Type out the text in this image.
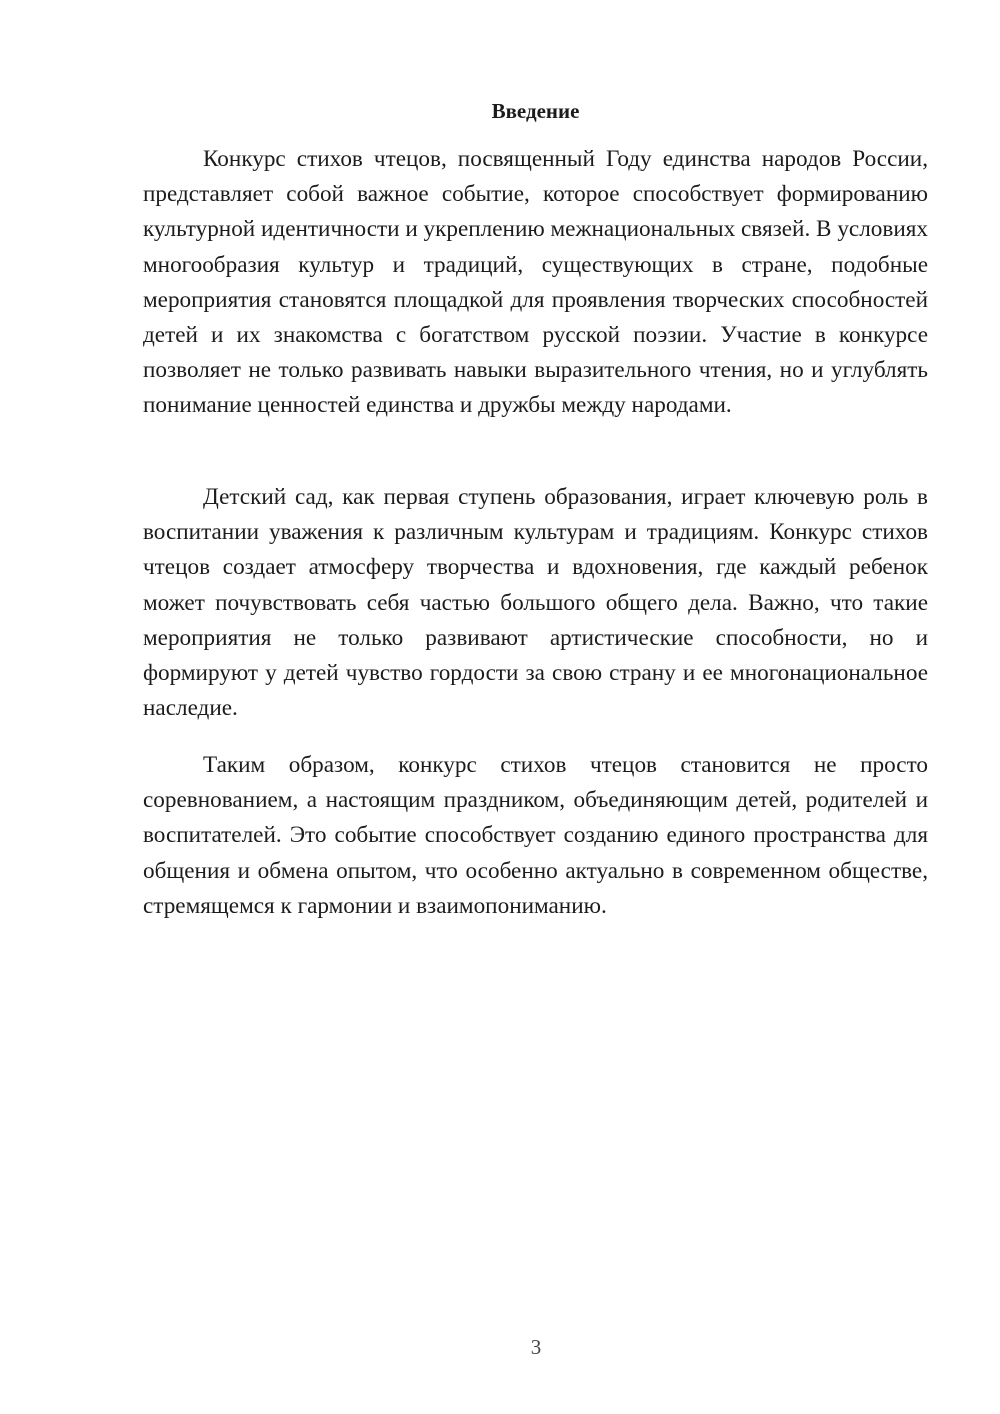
Введение

Конкурс стихов чтецов, посвященный Году единства народов России, представляет собой важное событие, которое способствует формированию культурной идентичности и укреплению межнациональных связей. В условиях многообразия культур и традиций, существующих в стране, подобные мероприятия становятся площадкой для проявления творческих способностей детей и их знакомства с богатством русской поэзии. Участие в конкурсе позволяет не только развивать навыки выразительного чтения, но и углублять понимание ценностей единства и дружбы между народами.

Детский сад, как первая ступень образования, играет ключевую роль в воспитании уважения к различным культурам и традициям. Конкурс стихов чтецов создает атмосферу творчества и вдохновения, где каждый ребенок может почувствовать себя частью большого общего дела. Важно, что такие мероприятия не только развивают артистические способности, но и формируют у детей чувство гордости за свою страну и ее многонациональное наследие.

Таким образом, конкурс стихов чтецов становится не просто соревнованием, а настоящим праздником, объединяющим детей, родителей и воспитателей. Это событие способствует созданию единого пространства для общения и обмена опытом, что особенно актуально в современном обществе, стремящемся к гармонии и взаимопониманию.

3
